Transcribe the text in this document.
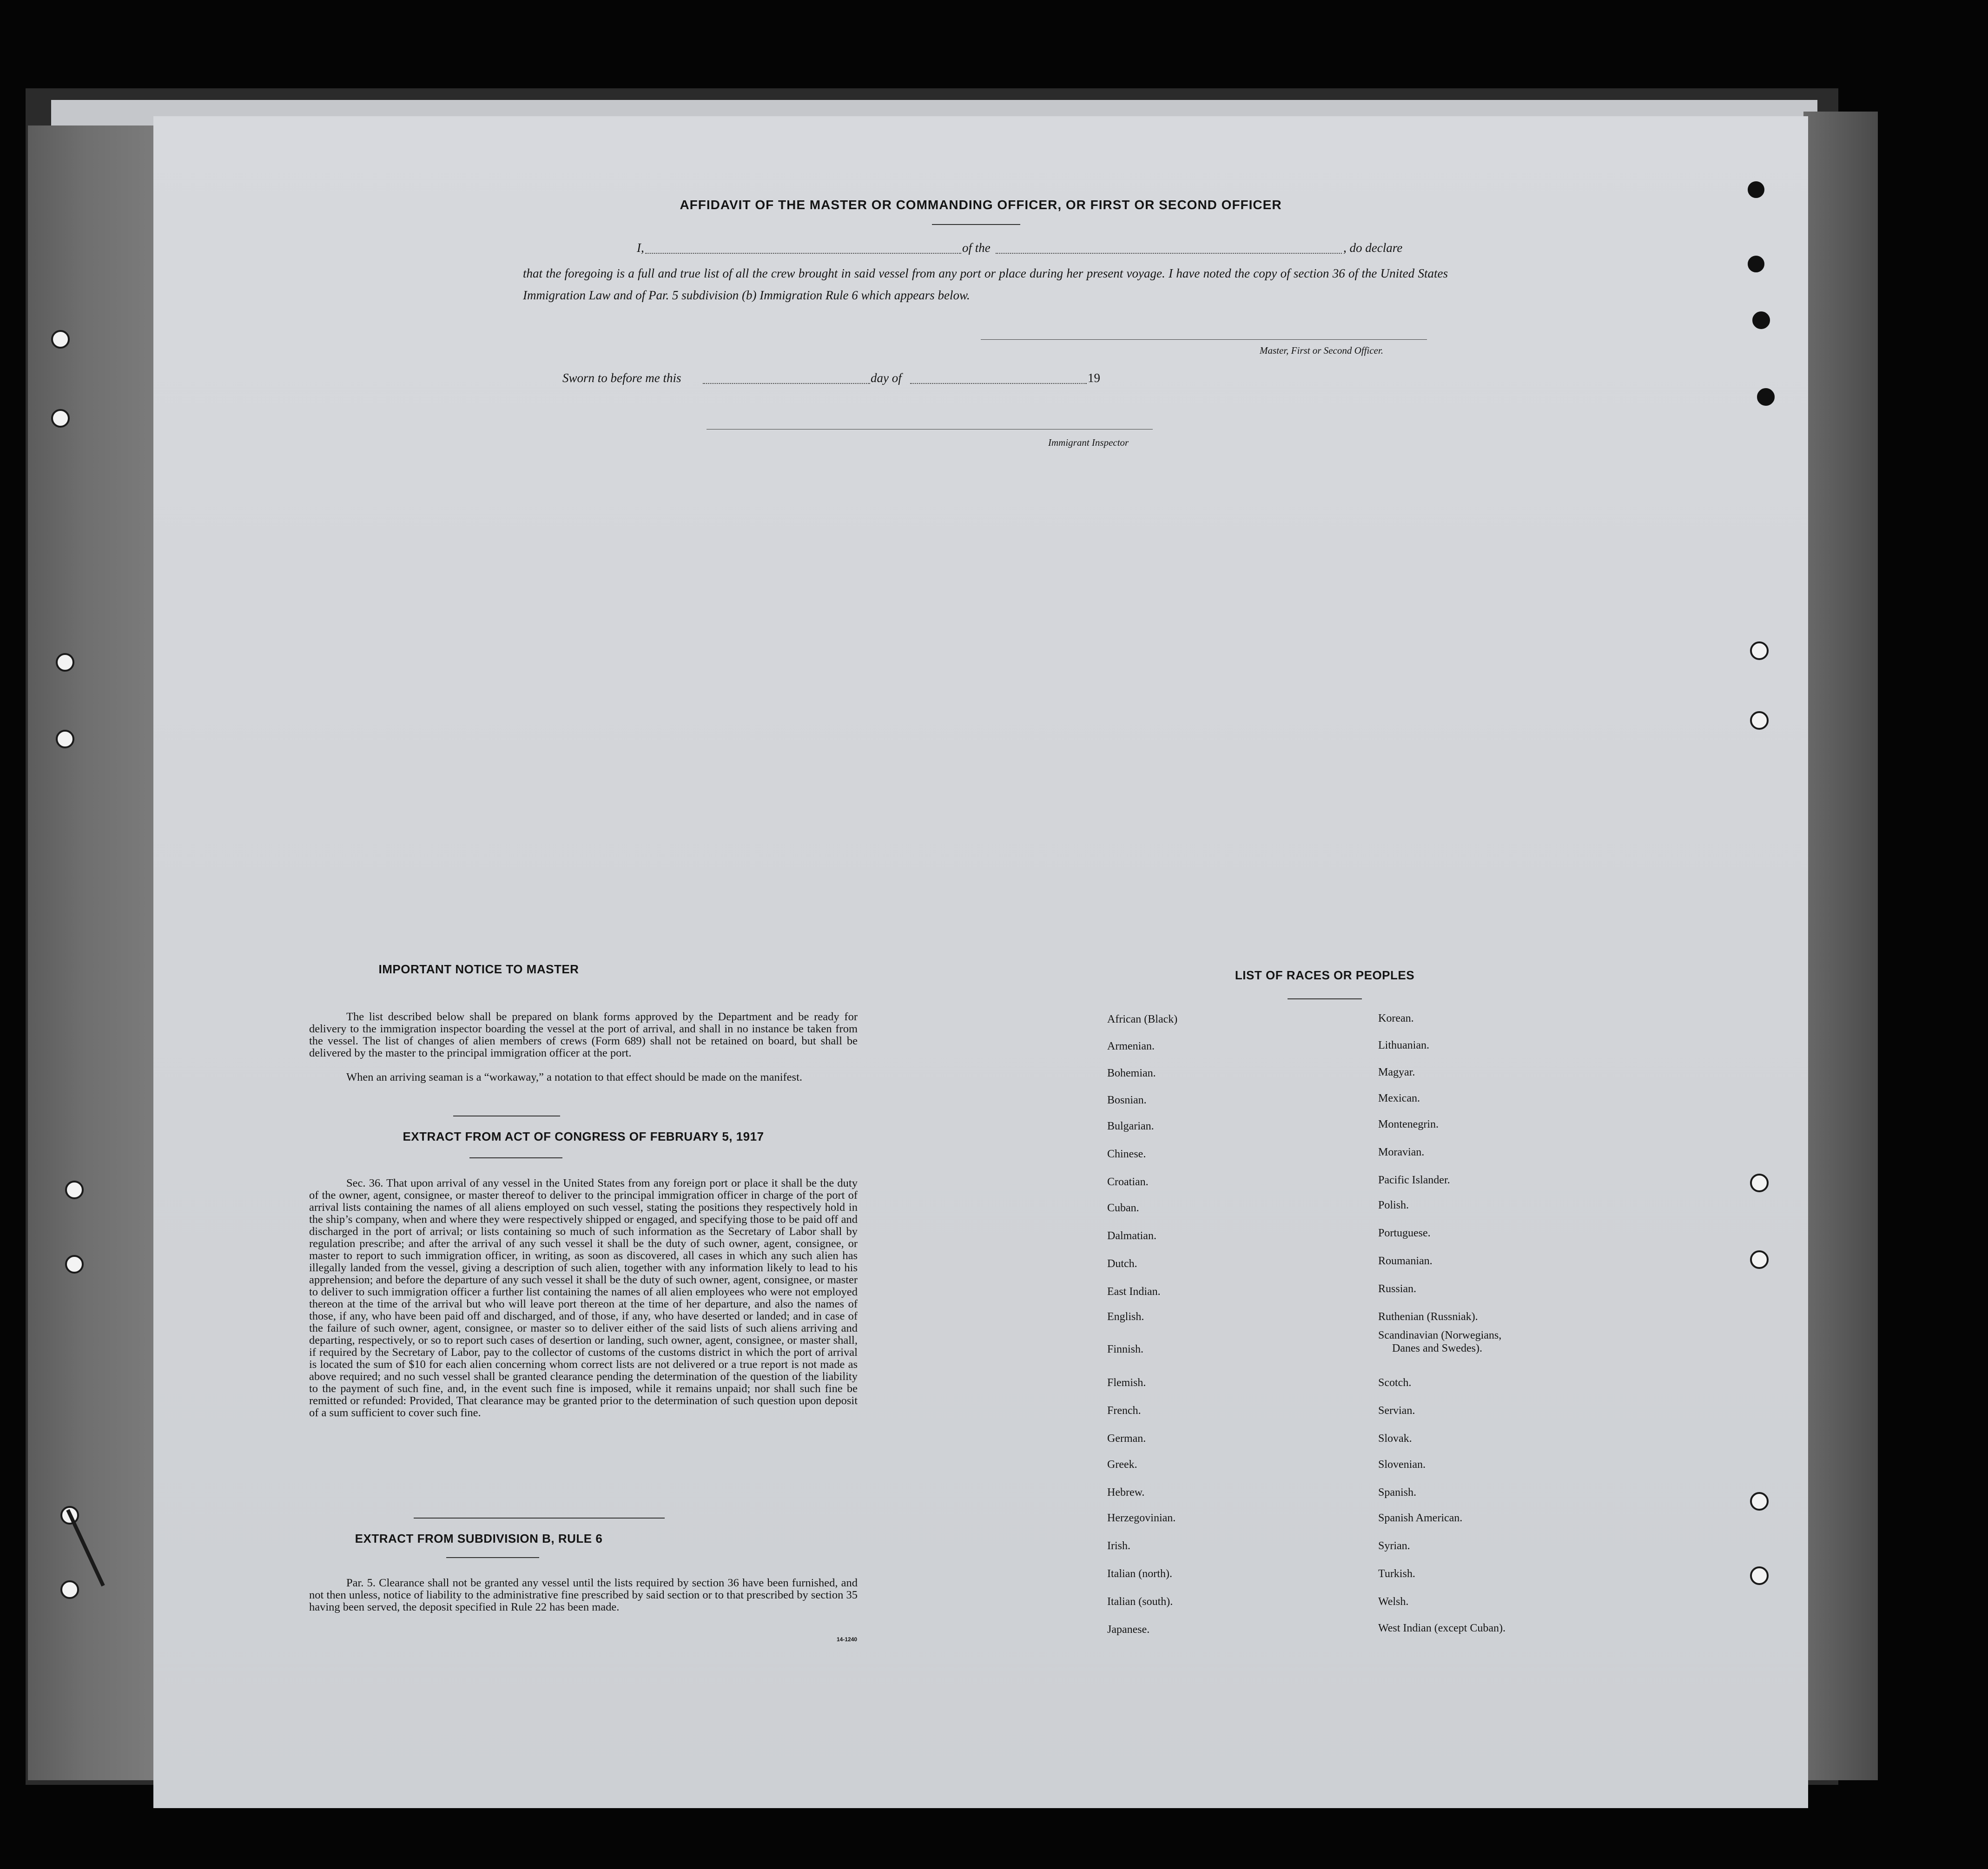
AFFIDAVIT OF THE MASTER OR COMMANDING OFFICER, OR FIRST OR SECOND OFFICER
I,	of the	, do declare
that the foregoing is a full and true list of all the crew brought in said vessel from any port or place during her present voyage. I have noted the copy of section 36 of the United States Immigration Law and of Par. 5 subdivision (b) Immigration Rule 6 which appears below.
Master, First or Second Officer.
Sworn to before me this	day of	19
Immigrant Inspector
IMPORTANT NOTICE TO MASTER
The list described below shall be prepared on blank forms approved by the Department and be ready for delivery to the immigration inspector boarding the vessel at the port of arrival, and shall in no instance be taken from the vessel. The list of changes of alien members of crews (Form 689) shall not be retained on board, but shall be delivered by the master to the principal immigration officer at the port.
When an arriving seaman is a “workaway,” a notation to that effect should be made on the manifest.
EXTRACT FROM ACT OF CONGRESS OF FEBRUARY 5, 1917
Sec. 36. That upon arrival of any vessel in the United States from any foreign port or place it shall be the duty of the owner, agent, consignee, or master thereof to deliver to the principal immigration officer in charge of the port of arrival lists containing the names of all aliens employed on such vessel, stating the positions they respectively hold in the ship’s company, when and where they were respectively shipped or engaged, and specifying those to be paid off and discharged in the port of arrival; or lists containing so much of such information as the Secretary of Labor shall by regulation prescribe; and after the arrival of any such vessel it shall be the duty of such owner, agent, consignee, or master to report to such immigration officer, in writing, as soon as discovered, all cases in which any such alien has illegally landed from the vessel, giving a description of such alien, together with any information likely to lead to his apprehension; and before the departure of any such vessel it shall be the duty of such owner, agent, consignee, or master to deliver to such immigration officer a further list containing the names of all alien employees who were not employed thereon at the time of the arrival but who will leave port thereon at the time of her departure, and also the names of those, if any, who have been paid off and discharged, and of those, if any, who have deserted or landed; and in case of the failure of such owner, agent, consignee, or master so to deliver either of the said lists of such aliens arriving and departing, respectively, or so to report such cases of desertion or landing, such owner, agent, consignee, or master shall, if required by the Secretary of Labor, pay to the collector of customs of the customs district in which the port of arrival is located the sum of $10 for each alien concerning whom correct lists are not delivered or a true report is not made as above required; and no such vessel shall be granted clearance pending the determination of the question of the liability to the payment of such fine, and, in the event such fine is imposed, while it remains unpaid; nor shall such fine be remitted or refunded: Provided, That clearance may be granted prior to the determination of such question upon deposit of a sum sufficient to cover such fine.
EXTRACT FROM SUBDIVISION B, RULE 6
Par. 5. Clearance shall not be granted any vessel until the lists required by section 36 have been furnished, and not then unless, notice of liability to the administrative fine prescribed by said section or to that prescribed by section 35 having been served, the deposit specified in Rule 22 has been made.
14-1240
LIST OF RACES OR PEOPLES
African (Black)
Armenian.
Bohemian.
Bosnian.
Bulgarian.
Chinese.
Croatian.
Cuban.
Dalmatian.
Dutch.
East Indian.
English.
Finnish.
Flemish.
French.
German.
Greek.
Hebrew.
Herzegovinian.
Irish.
Italian (north).
Italian (south).
Japanese.
Korean.
Lithuanian.
Magyar.
Mexican.
Montenegrin.
Moravian.
Pacific Islander.
Polish.
Portuguese.
Roumanian.
Russian.
Ruthenian (Russniak).
Scandinavian (Norwegians,
Danes and Swedes).
Scotch.
Servian.
Slovak.
Slovenian.
Spanish.
Spanish American.
Syrian.
Turkish.
Welsh.
West Indian (except Cuban).
